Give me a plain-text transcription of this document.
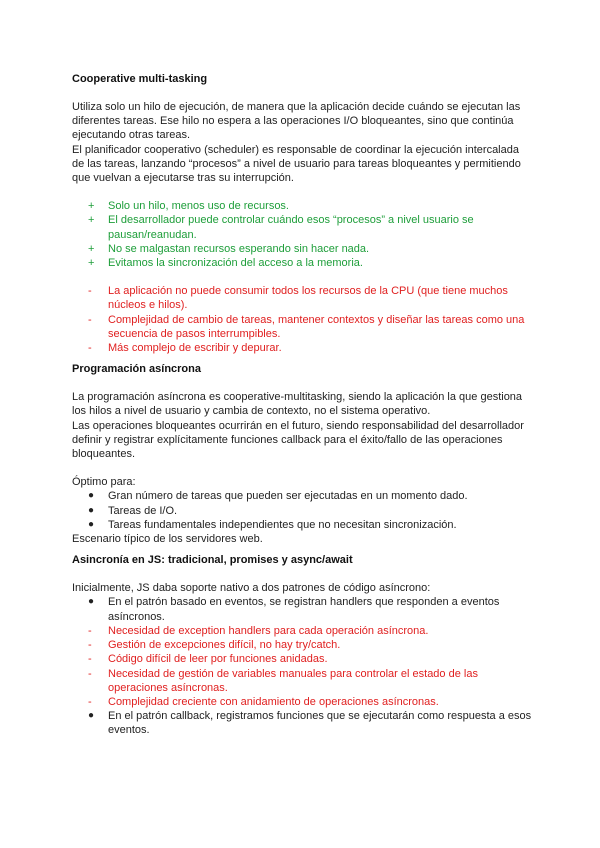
Cooperative multi-tasking

Utiliza solo un hilo de ejecución, de manera que la aplicación decide cuándo se ejecutan las diferentes tareas. Ese hilo no espera a las operaciones I/O bloqueantes, sino que continúa ejecutando otras tareas.

El planificador cooperativo (scheduler) es responsable de coordinar la ejecución intercalada de las tareas, lanzando “procesos” a nivel de usuario para tareas bloqueantes y permitiendo que vuelvan a ejecutarse tras su interrupción.

+	Solo un hilo, menos uso de recursos.
+	El desarrollador puede controlar cuándo esos “procesos” a nivel usuario se pausan/reanudan.
+	No se malgastan recursos esperando sin hacer nada.
+	Evitamos la sincronización del acceso a la memoria.
-	La aplicación no puede consumir todos los recursos de la CPU (que tiene muchos núcleos e hilos).
-	Complejidad de cambio de tareas, mantener contextos y diseñar las tareas como una secuencia de pasos interrumpibles.
-	Más complejo de escribir y depurar.
Programación asíncrona

La programación asíncrona es cooperative-multitasking, siendo la aplicación la que gestiona los hilos a nivel de usuario y cambia de contexto, no el sistema operativo.

Las operaciones bloqueantes ocurrirán en el futuro, siendo responsabilidad del desarrollador definir y registrar explícitamente funciones callback para el éxito/fallo de las operaciones bloqueantes.

Óptimo para:

●	Gran número de tareas que pueden ser ejecutadas en un momento dado.
●	Tareas de I/O.
●	Tareas fundamentales independientes que no necesitan sincronización.

Escenario típico de los servidores web.

Asincronía en JS: tradicional, promises y async/await

Inicialmente, JS daba soporte nativo a dos patrones de código asíncrono:

●	En el patrón basado en eventos, se registran handlers que responden a eventos asíncronos.
-	Necesidad de exception handlers para cada operación asíncrona.
-	Gestión de excepciones difícil, no hay try/catch.
-	Código difícil de leer por funciones anidadas.
-	Necesidad de gestión de variables manuales para controlar el estado de las operaciones asíncronas.
-	Complejidad creciente con anidamiento de operaciones asíncronas.
●	En el patrón callback, registramos funciones que se ejecutarán como respuesta a esos eventos.
